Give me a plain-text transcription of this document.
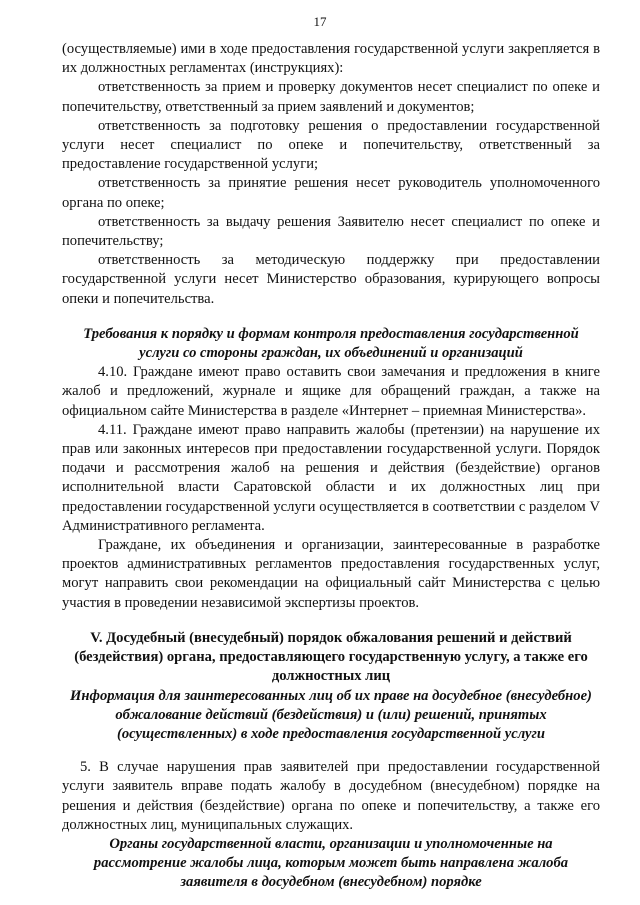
17

(осуществляемые) ими в ходе предоставления государственной услуги закрепляется в их должностных регламентах (инструкциях):

ответственность за прием и проверку документов несет специалист по опеке и попечительству, ответственный за прием заявлений и документов;

ответственность за подготовку решения о предоставлении государственной услуги несет специалист по опеке и попечительству, ответственный за предоставление государственной услуги;

ответственность за принятие решения несет руководитель уполномоченного органа по опеке;

ответственность за выдачу решения Заявителю несет специалист по опеке и попечительству;

ответственность за методическую поддержку при предоставлении государственной услуги несет Министерство образования, курирующего вопросы опеки и попечительства.

Требования к порядку и формам контроля предоставления государственной услуги со стороны граждан, их объединений и организаций

4.10. Граждане имеют право оставить свои замечания и предложения в книге жалоб и предложений, журнале и ящике для обращений граждан, а также на официальном сайте Министерства в разделе «Интернет – приемная Министерства».

4.11. Граждане имеют право направить жалобы (претензии) на нарушение их прав или законных интересов при предоставлении государственной услуги. Порядок подачи и рассмотрения жалоб на решения и действия (бездействие) органов исполнительной власти Саратовской области и их должностных лиц при предоставлении государственной услуги осуществляется в соответствии с разделом V Административного регламента.

Граждане, их объединения и организации, заинтересованные в разработке проектов административных регламентов предоставления государственных услуг, могут направить свои рекомендации на официальный сайт Министерства с целью участия в проведении независимой экспертизы проектов.

V. Досудебный (внесудебный) порядок обжалования решений и действий (бездействия) органа, предоставляющего государственную услугу, а также его должностных лиц

Информация для заинтересованных лиц об их праве на досудебное (внесудебное) обжалование действий (бездействия) и (или) решений, принятых (осуществленных) в ходе предоставления государственной услуги

5. В случае нарушения прав заявителей при предоставлении государственной услуги заявитель вправе подать жалобу в досудебном (внесудебном) порядке на решения и действия (бездействие) органа по опеке и попечительству, а также его должностных лиц, муниципальных служащих.

Органы государственной власти, организации и уполномоченные на рассмотрение жалобы лица, которым может быть направлена жалоба заявителя в досудебном (внесудебном) порядке
